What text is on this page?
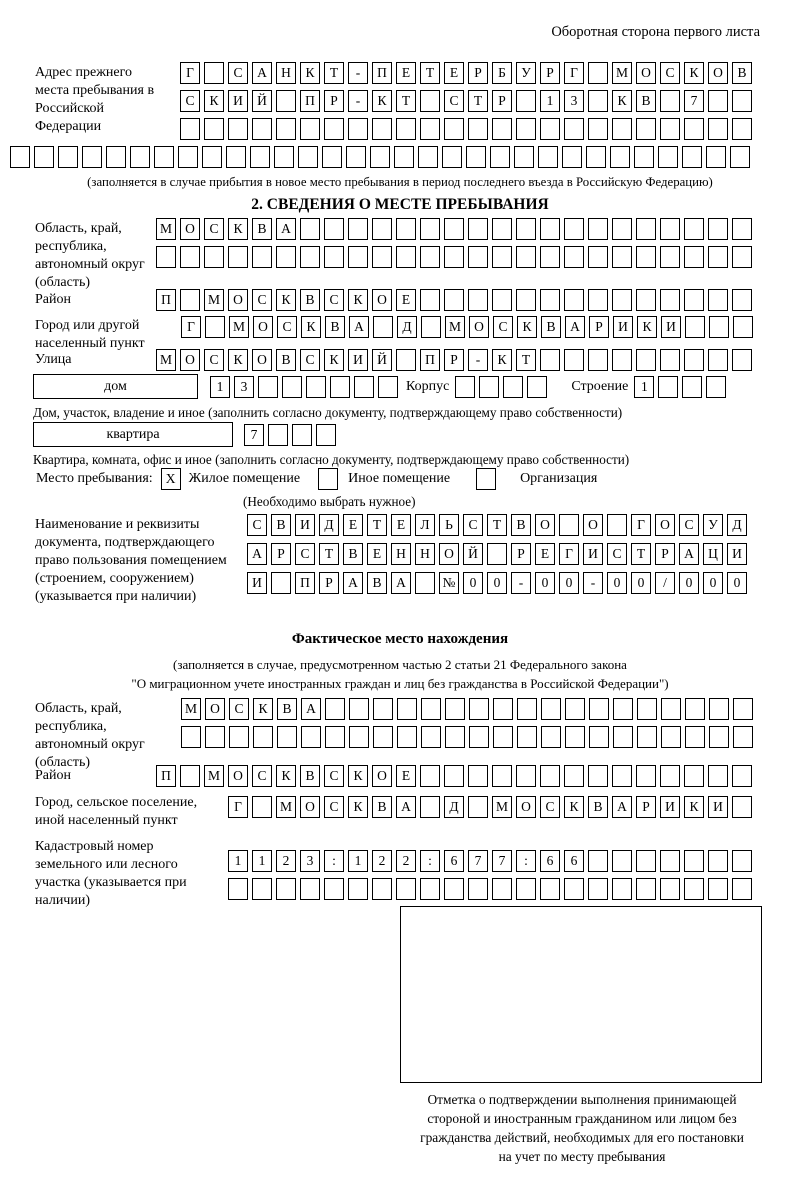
Оборотная сторона первого листа
Адрес прежнего места пребывания в Российской Федерации
Г	С	А	Н	К	Т	-	П	Е	Т	Е	Р	Б	У	Р	Г	М О	С	К	О	В
С	К	И	Й	П	Р	-	К	Т	С	Т	Р	1	3	К	В	7
(заполняется в случае прибытия в новое место пребывания в период последнего въезда в Российскую Федерацию)
2. СВЕДЕНИЯ О МЕСТЕ ПРЕБЫВАНИЯ
Область, край, республика, автономный округ (область)
М О	С	К	В	А
Район	П	М О	С	К	В	С	К	О	Е
Город или другой населенный пункт
Г	М О	С	К	В	А	Д	М О	С	К	В	А	Р	И	К	И
Улица	М О	С	К	О	В	С	К	И	Й	П	Р	-	К	Т
дом	1	3	Корпус	Строение 1
Дом, участок, владение и иное (заполнить согласно документу, подтверждающему право собственности)
квартира	7
Квартира, комната, офис и иное (заполнить согласно документу, подтверждающему право собственности)
Место пребывания: X Жилое помещение	Иное помещение	Организация
(Необходимо выбрать нужное)
Наименование и реквизиты документа, подтверждающего право пользования помещением (строением, сооружением) (указывается при наличии)
С	В	И	Д	Е	Т	Е	Л	Ь	С	Т	В	О	О	Г	О	С	У	Д
А	Р	С	Т	В	Е	Н	Н	О	Й	Р	Е	Г	И	С	Т	Р	А	Ц	И
И	П	Р	А	В	А	№	0	0	-	0	0	-	0	0	/	0	0	0
Фактическое место нахождения
(заполняется в случае, предусмотренном частью 2 статьи 21 Федерального закона
"О миграционном учете иностранных граждан и лиц без гражданства в Российской Федерации")
Область, край, республика, автономный округ (область)
М О	С	К	В	А
Район	П	М О	С	К	В	С	К	О	Е
Город, сельское поселение, иной населенный пункт
Г	М О	С	К	В	А	Д	М О	С	К	В	А	Р	И	К	И
Кадастровый номер земельного или лесного участка (указывается при наличии)
1	1	2	3	:	1	2	2	:	6	7	7	:	6	6
Отметка о подтверждении выполнения принимающей
стороной и иностранным гражданином или лицом без
гражданства действий, необходимых для его постановки
на учет по месту пребывания
